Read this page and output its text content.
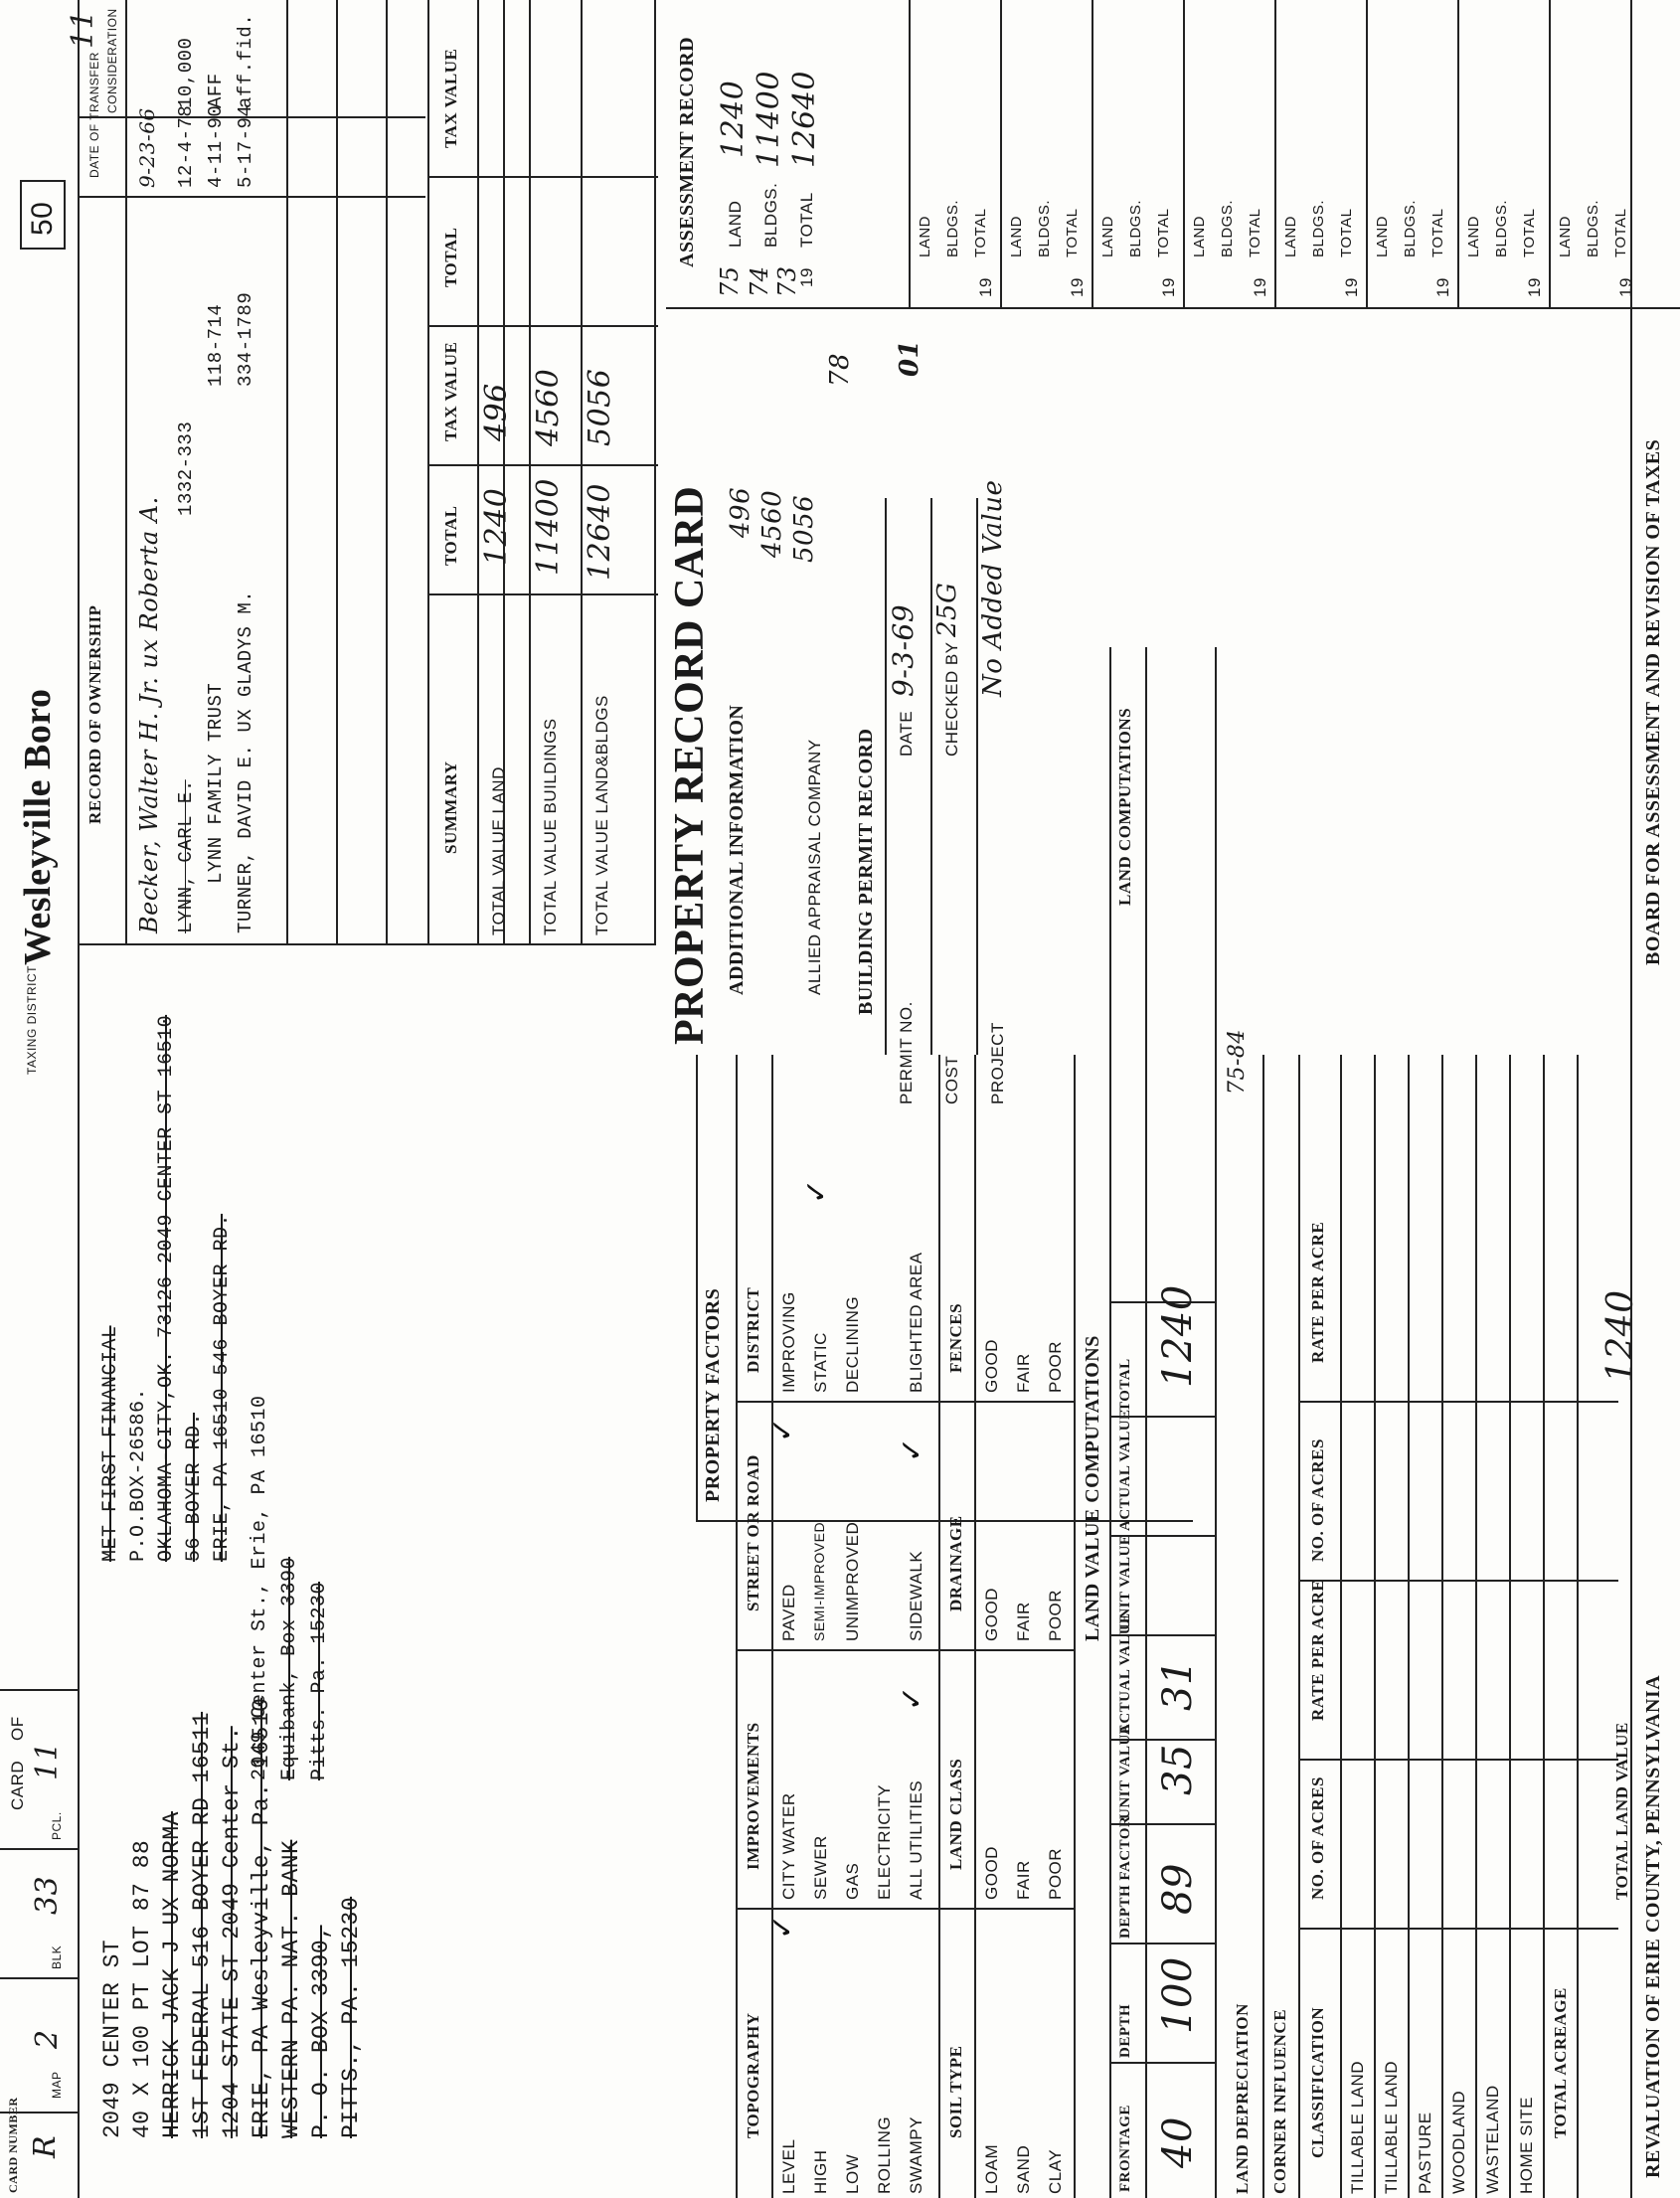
CARD NUMBER R
MAP
2
BLK
33
PCL.
11
CARD
OF
TAXING DISTRICT
Wesleyville Boro
50
2049 CENTER ST 40 X 100 PT LOT 87 88 HERRICK JACK J UX NORMA 1ST FEDERAL 516 BOYER RD 16511 1204 STATE ST 2049 Center St. ERIE, PA Wesleyville, Pa. 16510 WESTERN PA. NAT. BANK P. O. BOX 3390, PITTS., PA. 15230
MET FIRST FINANCIAL P.O.BOX-26586. OKLAHOMA-CITY,OK. 73126 2049 CENTER ST 16510 56 BOYER RD. ERIE, PA 16510 546 BOYER RD.
2049 Center St., Erie, PA 16510 Equibank, Box 3390 Pitts. Pa. 15230
RECORD OF OWNERSHIP
DATE OF TRANSFER CONSIDERATION
11
Becker, Walter H. Jr. ux Roberta A.
9-23-66
LYNN, CARL E.
1332-333
12-4-78
10,000
LYNN FAMILY TRUST
118-714
4-11-90
AFF
TURNER, DAVID E. UX GLADYS M.
334-1789
5-17-94
aff.fid.
SUMMARY
TOTAL
TAX VALUE
TOTAL
TAX VALUE
TOTAL VALUE LAND
1240
496
TOTAL VALUE BUILDINGS
11400
4560
TOTAL VALUE LAND&BLDGS
12640
5056
PROPERTY RECORD CARD ADDITIONAL INFORMATION
496 4560 5056
ALLIED APPRAISAL COMPANY BUILDING PERMIT RECORD
PERMIT NO.
DATE
9-3-69
COST
CHECKED BY
25G
PROJECT
No Added Value
ASSESSMENT RECORD
75 74 73
1240 11400 12640
LAND BLDGS. TOTAL
19
78 01
19
LAND BLDGS. TOTAL
19
LAND BLDGS. TOTAL
19
LAND BLDGS. TOTAL
19
LAND BLDGS. TOTAL
19
LAND BLDGS. TOTAL
19
LAND BLDGS. TOTAL
19
LAND BLDGS. TOTAL
19
LAND BLDGS. TOTAL
PROPERTY FACTORS
TOPOGRAPHY
IMPROVEMENTS
STREET OR ROAD
DISTRICT
LEVEL
CITY WATER
PAVED
IMPROVING
✓
✓
HIGH
SEWER
SEMI-IMPROVED
STATIC
✓
LOW
GAS
UNIMPROVED
DECLINING
ROLLING
ELECTRICITY
SWAMPY
ALL UTILITIES
SIDEWALK
BLIGHTED AREA
✓
✓
SOIL TYPE
LAND CLASS
DRAINAGE
FENCES
LOAM
GOOD
GOOD
GOOD
SAND
FAIR
FAIR
FAIR
CLAY
POOR
POOR
POOR LAND VALUE COMPUTATIONS
FRONTAGE
DEPTH
DEPTH FACTOR
UNIT VALUE
ACTUAL VALUE
UNIT VALUE
ACTUAL VALUE
TOTAL
40
100
89
35
31
1240
LAND COMPUTATIONS
75-84
LAND DEPRECIATION CORNER INFLUENCE CLASSIFICATION
NO. OF ACRES
RATE PER ACRE
NO. OF ACRES
RATE PER ACRE
TILLABLE LAND TILLABLE LAND PASTURE WOODLAND WASTELAND HOME SITE
TOTAL ACREAGE
TOTAL LAND VALUE
1240
REVALUATION OF ERIE COUNTY, PENNSYLVANIA
BOARD FOR ASSESSMENT AND REVISION OF TAXES
